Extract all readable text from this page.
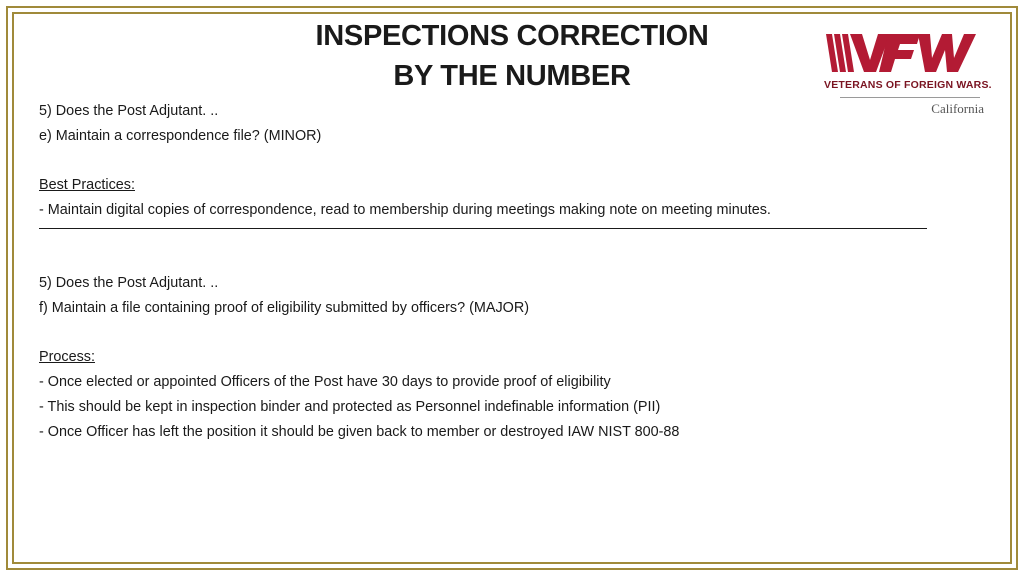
INSPECTIONS CORRECTION
BY THE NUMBER	VETERANS OF FOREIGN WARS.
California
5) Does the Post Adjutant. ..
e) Maintain a correspondence file? (MINOR)
Best Practices:
- Maintain digital copies of correspondence, read to membership during meetings making note on meeting minutes.
5) Does the Post Adjutant. ..
f) Maintain a file containing proof of eligibility submitted by officers? (MAJOR)
Process:
- Once elected or appointed Officers of the Post have 30 days to provide proof of eligibility
- This should be kept in inspection binder and protected as Personnel indefinable information (PII)
- Once Officer has left the position it should be given back to member or destroyed IAW NIST 800-88
